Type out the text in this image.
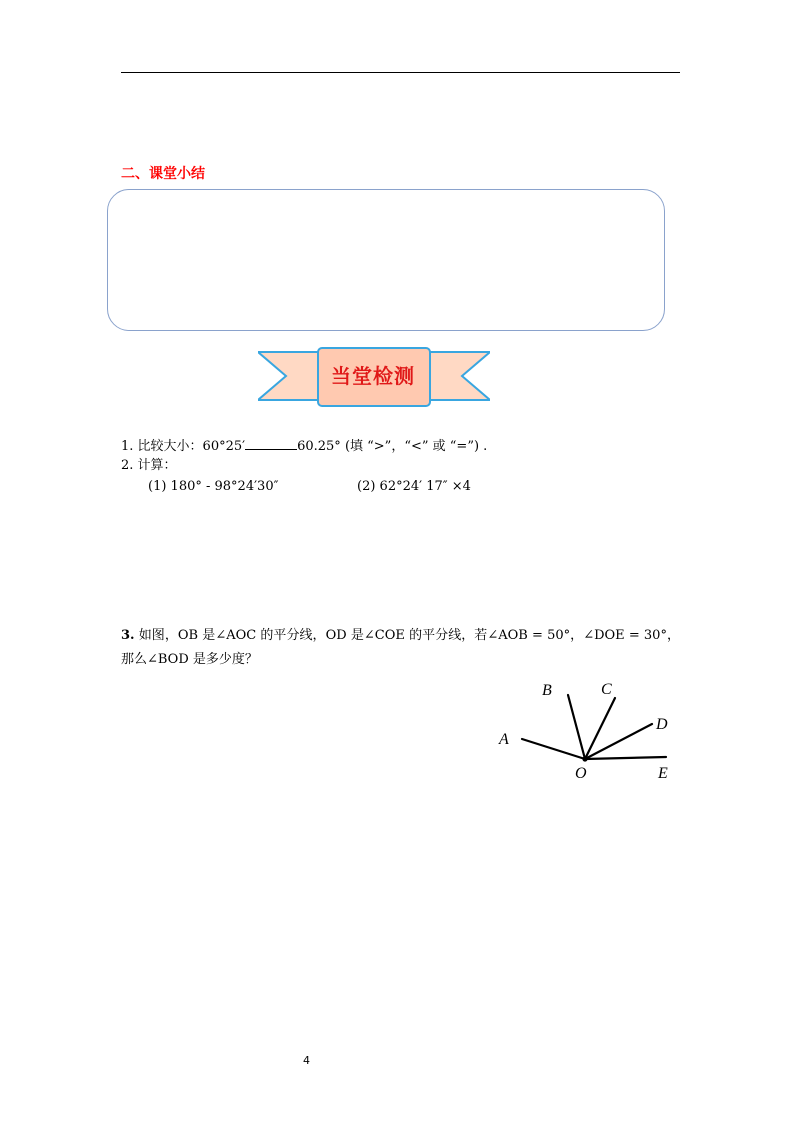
二、课堂小结
当堂检测
1. 比较大小：60°25′	60.25° (填 “>”，“<” 或 “=”) .
2. 计算：
(1) 180° - 98°24′30″	(2) 62°24′ 17″ ×4
3. 如图，OB 是∠AOC 的平分线，OD 是∠COE 的平分线，若∠AOB = 50°，∠DOE = 30°，那么∠BOD 是多少度？
A
B	C
D
O	E
4
